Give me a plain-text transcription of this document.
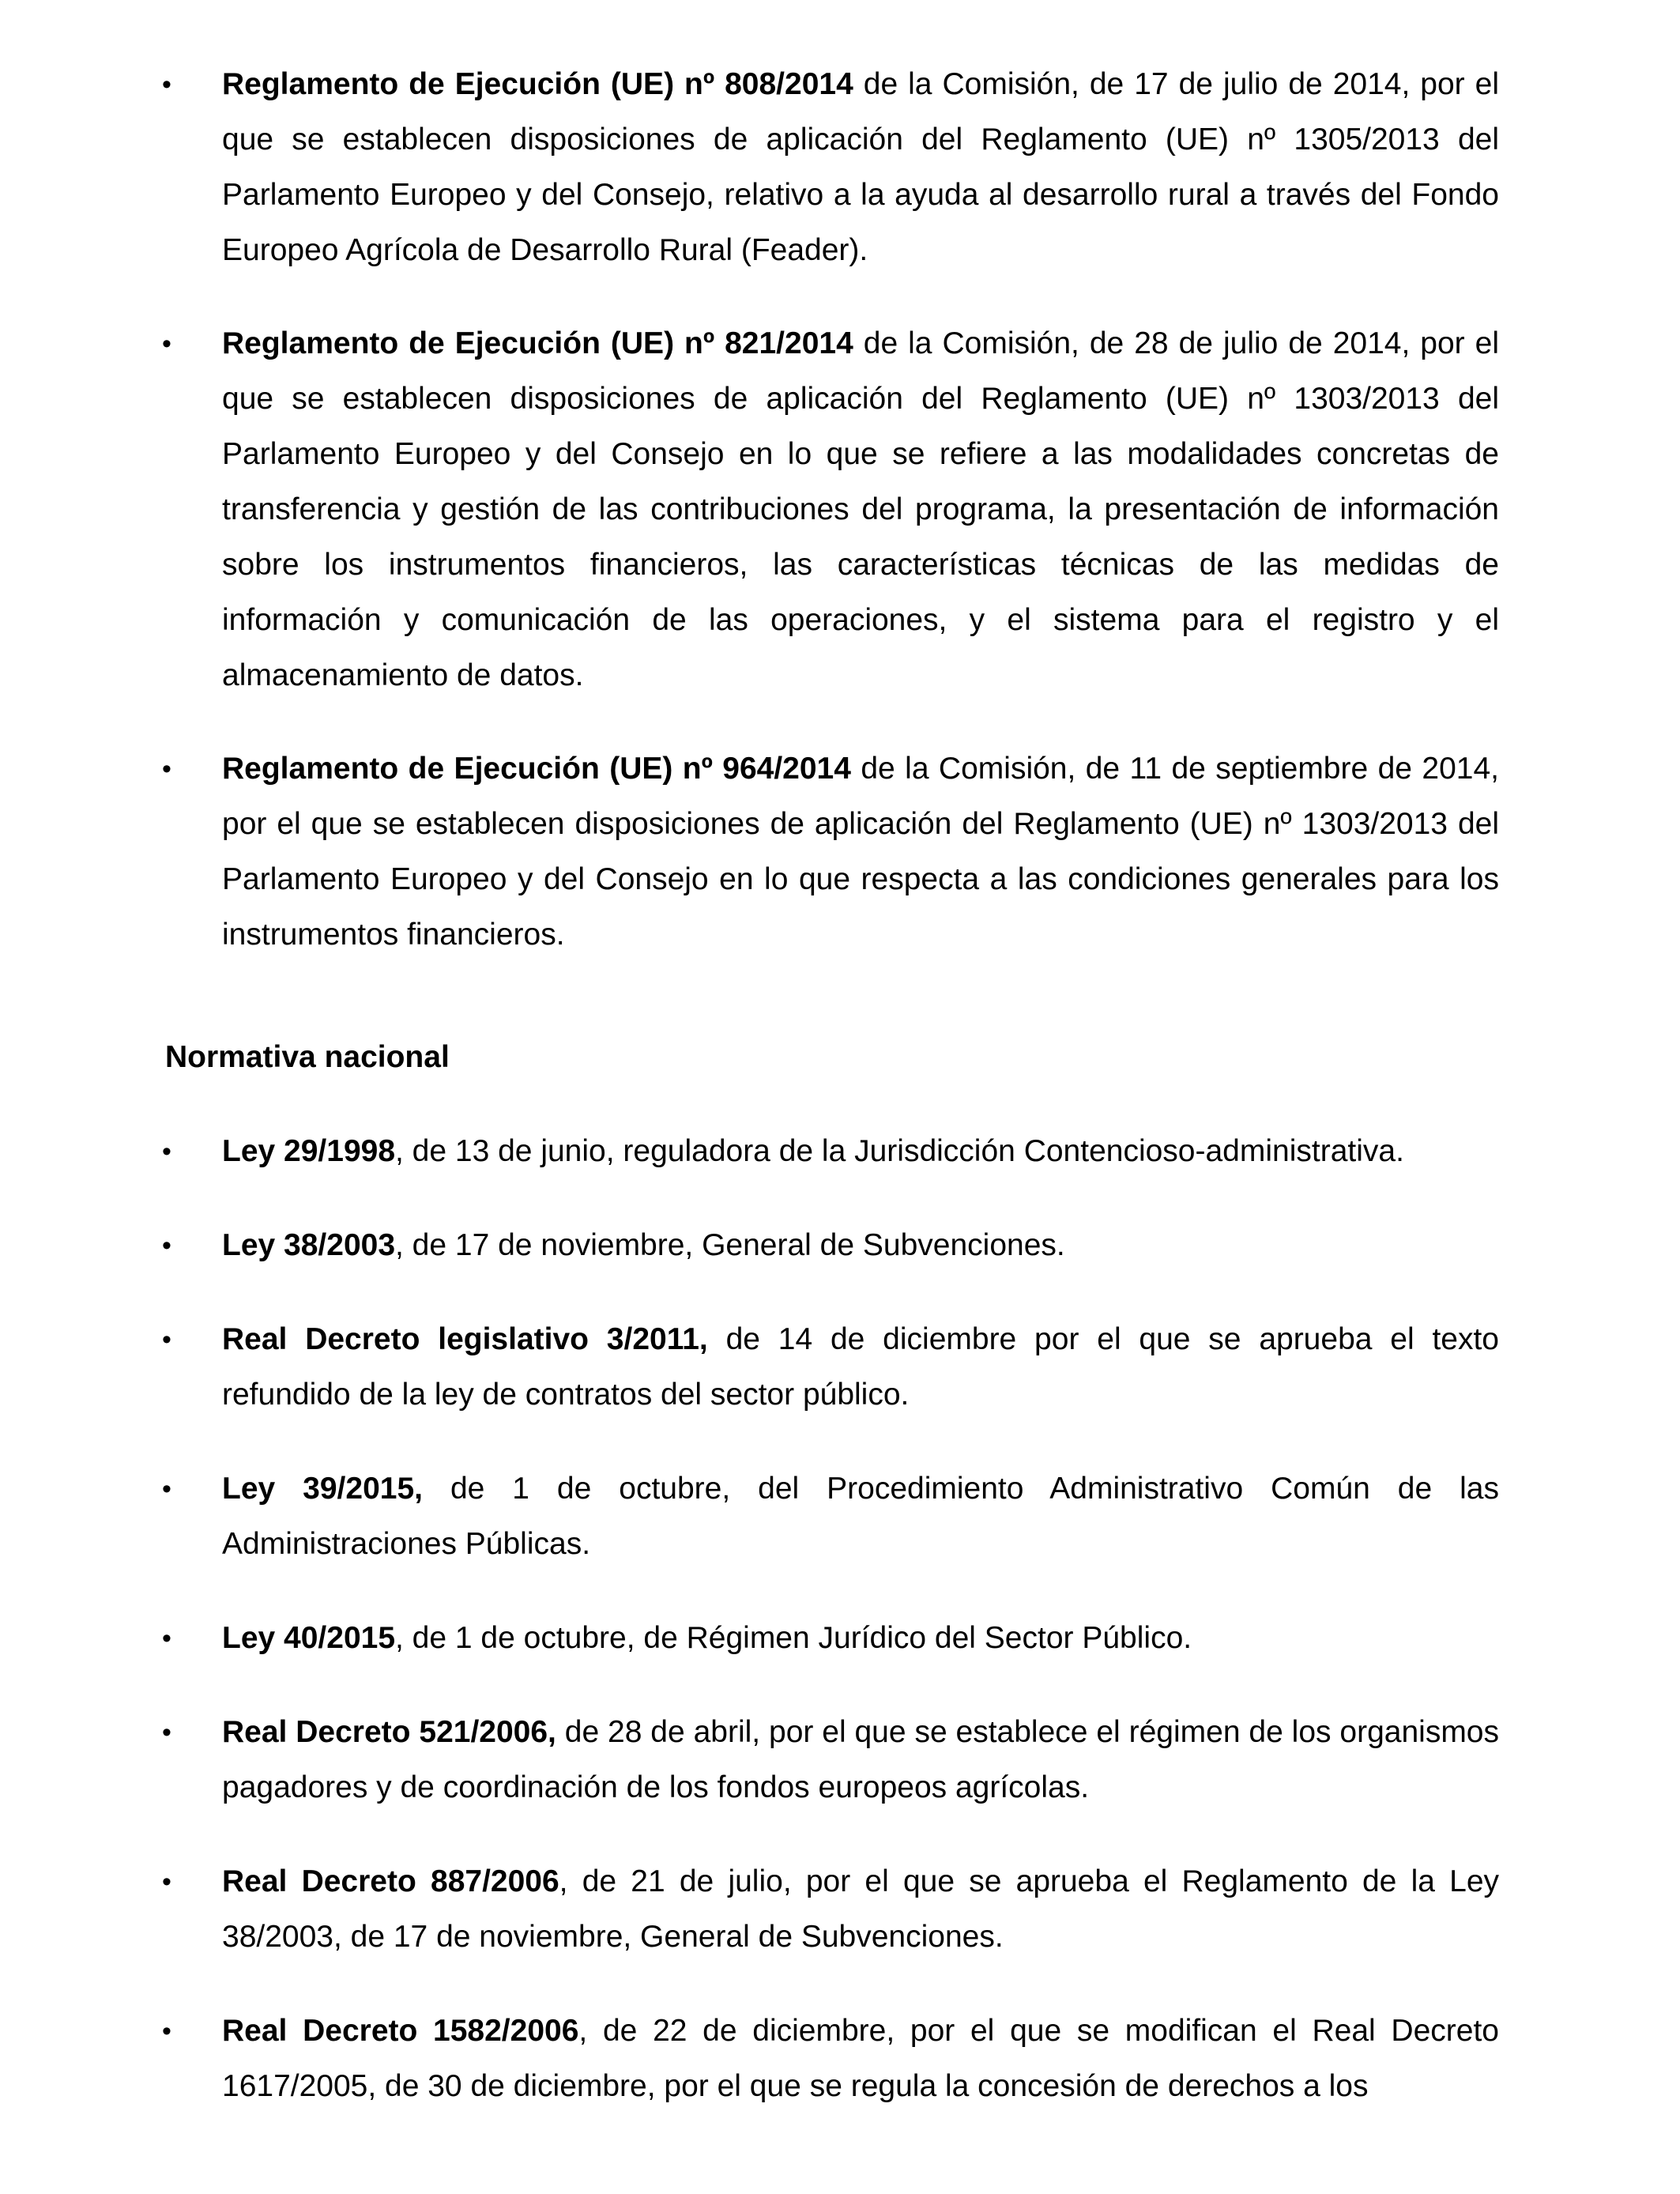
•	Reglamento de Ejecución (UE) nº 808/2014 de la Comisión, de 17 de julio de 2014, por el que se establecen disposiciones de aplicación del Reglamento (UE) nº 1305/2013 del Parlamento Europeo y del Consejo, relativo a la ayuda al desarrollo rural a través del Fondo Europeo Agrícola de Desarrollo Rural (Feader).
•	Reglamento de Ejecución (UE) nº 821/2014 de la Comisión, de 28 de julio de 2014, por el que se establecen disposiciones de aplicación del Reglamento (UE) nº 1303/2013 del Parlamento Europeo y del Consejo en lo que se refiere a las modalidades concretas de transferencia y gestión de las contribuciones del programa, la presentación de información sobre los instrumentos financieros, las características técnicas de las medidas de información y comunicación de las operaciones, y el sistema para el registro y el almacenamiento de datos.
•	Reglamento de Ejecución (UE) nº 964/2014 de la Comisión, de 11 de septiembre de 2014, por el que se establecen disposiciones de aplicación del Reglamento (UE) nº 1303/2013 del Parlamento Europeo y del Consejo en lo que respecta a las condiciones generales para los instrumentos financieros.
Normativa nacional
•	Ley 29/1998, de 13 de junio, reguladora de la Jurisdicción Contencioso-administrativa.
•	Ley 38/2003, de 17 de noviembre, General de Subvenciones.
•	Real Decreto legislativo 3/2011, de 14 de diciembre por el que se aprueba el texto refundido de la ley de contratos del sector público.
•	Ley 39/2015, de 1 de octubre, del Procedimiento Administrativo Común de las Administraciones Públicas.
•	Ley 40/2015, de 1 de octubre, de Régimen Jurídico del Sector Público.
•	Real Decreto 521/2006, de 28 de abril, por el que se establece el régimen de los organismos pagadores y de coordinación de los fondos europeos agrícolas.
•	Real Decreto 887/2006, de 21 de julio, por el que se aprueba el Reglamento de la Ley 38/2003, de 17 de noviembre, General de Subvenciones.
•	Real Decreto 1582/2006, de 22 de diciembre, por el que se modifican el Real Decreto 1617/2005, de 30 de diciembre, por el que se regula la concesión de derechos a los
